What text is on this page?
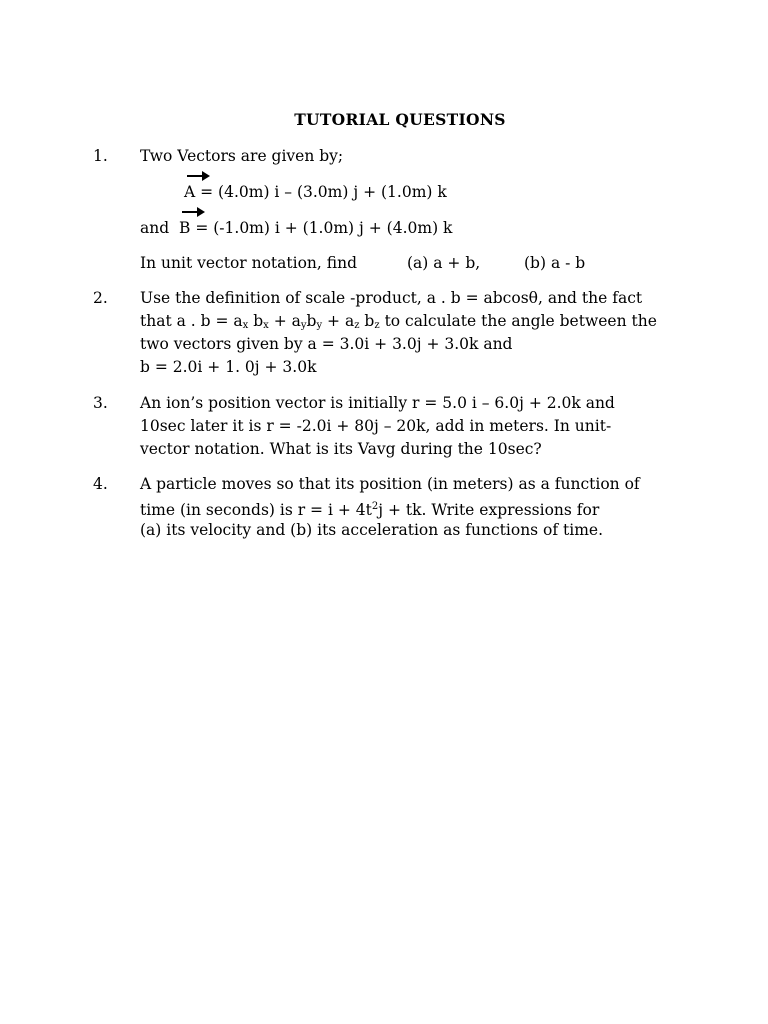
TUTORIAL QUESTIONS
1. Two Vectors are given by;
A = (4.0m) i – (3.0m) j + (1.0m) k
and B = (-1.0m) i + (1.0m) j + (4.0m) k
In unit vector notation, find	(a) a + b,	(b) a - b
2. Use the definition of scale -product, a . b = abcosθ, and the fact
that a . $b = a_x$ $b_x + a_yb_y + a_z$ $b_z$ to calculate the angle between the
two vectors given by a = 3.0i + 3.0j + 3.0k and
b = 2.0i + 1. 0j + 3.0k
3. An ion’s position vector is initially r = 5.0 i – 6.0j + 2.0k and
10sec later it is r = -2.0i + 80j – 20k, add in meters. In unit-
vector notation. What is its Vavg during the 10sec?
4. A particle moves so that its position (in meters) as a function of
time (in seconds) is $r = i + 4t^2j$ + tk. Write expressions for
(a) its velocity and (b) its acceleration as functions of time.
